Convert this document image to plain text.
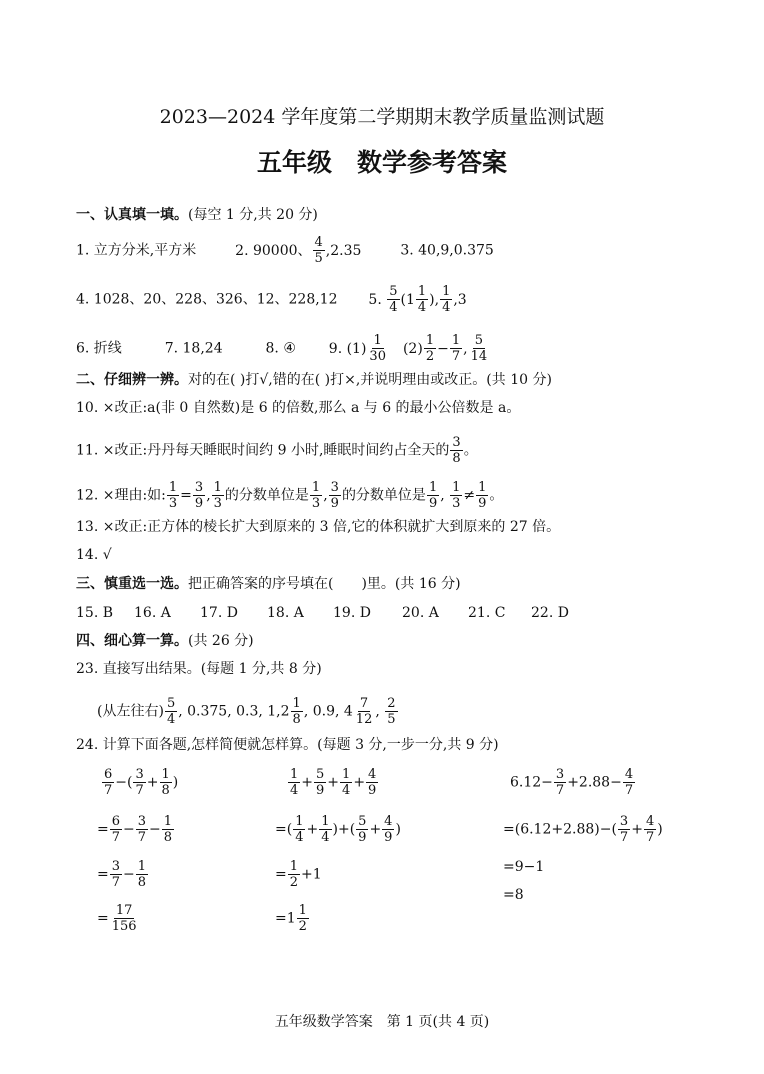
2023—2024 学年度第二学期期末教学质量监测试题
五年级　数学参考答案
一、认真填一填。(每空 1 分,共 20 分)
1. 立方分米,平方米	2. 90000、 $\frac{4}{5} ,2.35$	3. 40,9,0.375
4. 1028、20、228、326、12、228,12 5. $\frac{5}{4} (1 \frac{1}{4}$ ), $\frac{1}{4} ,3$
6. 折线	7. 18,24	8. ④ 9. $(1) \frac{1}{30} (2) \frac{1}{2} - \frac{1}{7}$ , $\frac{5}{14}$
二、仔细辨一辨。对的在( )打√,错的在( )打×,并说明理由或改正。(共 10 分)
10. ×改正:a(非 0 自然数)是 6 的倍数,那么 a 与 6 的最小公倍数是 a。
11. ×改正:丹丹每天睡眠时间约 9 小时,睡眠时间约占全天的 $\frac{3}{8}$ 。
12. ×理由:如: $\frac{1}{3} = \frac{3}{9}$ , $\frac{1}{3}$ 的分数单位是 $\frac{1}{3}$ , $\frac{3}{9}$ 的分数单位是 $\frac{1}{9}$ , $\frac{1}{3} \ne \frac{1}{9}$ 。
13. ×改正:正方体的棱长扩大到原来的 3 倍,它的体积就扩大到原来的 27 倍。
14. √
三、慎重选一选。把正确答案的序号填在(　　)里。(共 16 分)
15. B 16. A 17. D 18. A 19. D 20. A 21. C 22. D
四、细心算一算。(共 26 分)
23. 直接写出结果。(每题 1 分,共 8 分)
(从左往右) $\frac{5}{4}$ , 0.375, 0.3, $1,2 \frac{1}{8}$ , 0.9, $4 \frac{7}{12}$ , $\frac{2}{5}$
24. 计算下面各题,怎样简便就怎样算。(每题 3 分,一步一分,共 9 分)
$\frac{6}{7}$ −( $\frac{3}{7} + \frac{1}{8}$ )
= $\frac{6}{7} - \frac{3}{7} - \frac{1}{8}$
= $\frac{3}{7} - \frac{1}{8}$
= $\frac{17}{156}$
$\frac{1}{4} + \frac{5}{9} + \frac{1}{4} + \frac{4}{9}$
=( $\frac{1}{4} + \frac{1}{4}$ )+( $\frac{5}{9} + \frac{4}{9}$ )
= $\frac{1}{2} +1$
$=1 \frac{1}{2}$
$6.12- \frac{3}{7} +2.88- \frac{4}{7}$
$=(6.12+2.88)-( \frac{3}{7} + \frac{4}{7}$ )
=9−1
=8
五年级数学答案　第 1 页(共 4 页)
